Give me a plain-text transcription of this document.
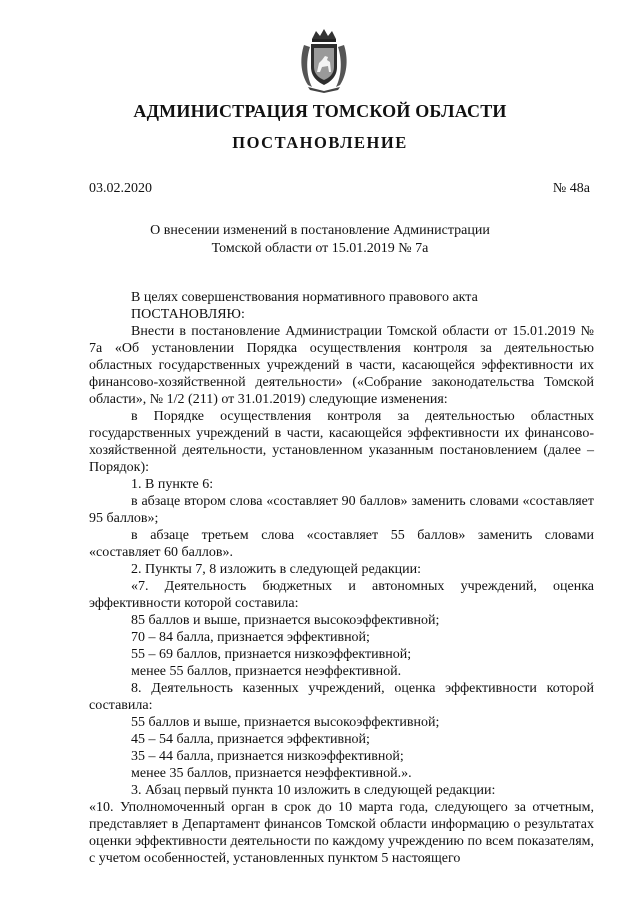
АДМИНИСТРАЦИЯ ТОМСКОЙ ОБЛАСТИ
ПОСТАНОВЛЕНИЕ
03.02.2020	№ 48а
О внесении изменений в постановление Администрации
Томской области от 15.01.2019 № 7а

В целях совершенствования нормативного правового акта

ПОСТАНОВЛЯЮ:

Внести в постановление Администрации Томской области от 15.01.2019 № 7а «Об установлении Порядка осуществления контроля за деятельностью областных государственных учреждений в части, касающейся эффективности их финансово-хозяйственной деятельности» («Собрание законодательства Томской области», № 1/2 (211) от 31.01.2019) следующие изменения:

в Порядке осуществления контроля за деятельностью областных государственных учреждений в части, касающейся эффективности их финансово-хозяйственной деятельности, установленном указанным постановлением (далее – Порядок):

1. В пункте 6:

в абзаце втором слова «составляет 90 баллов» заменить словами «составляет 95 баллов»;

в абзаце третьем слова «составляет 55 баллов» заменить словами «составляет 60 баллов».

2. Пункты 7, 8 изложить в следующей редакции:

«7. Деятельность бюджетных и автономных учреждений, оценка эффективности которой составила:

85 баллов и выше, признается высокоэффективной;

70 – 84 балла, признается эффективной;

55 – 69 баллов, признается низкоэффективной;

менее 55 баллов, признается неэффективной.

8. Деятельность казенных учреждений, оценка эффективности которой составила:

55 баллов и выше, признается высокоэффективной;

45 – 54 балла, признается эффективной;

35 – 44 балла, признается низкоэффективной;

менее 35 баллов, признается неэффективной.».

3. Абзац первый пункта 10 изложить в следующей редакции:

«10. Уполномоченный орган в срок до 10 марта года, следующего за отчетным, представляет в Департамент финансов Томской области информацию о результатах оценки эффективности деятельности по каждому учреждению по всем показателям, с учетом особенностей, установленных пунктом 5 настоящего
